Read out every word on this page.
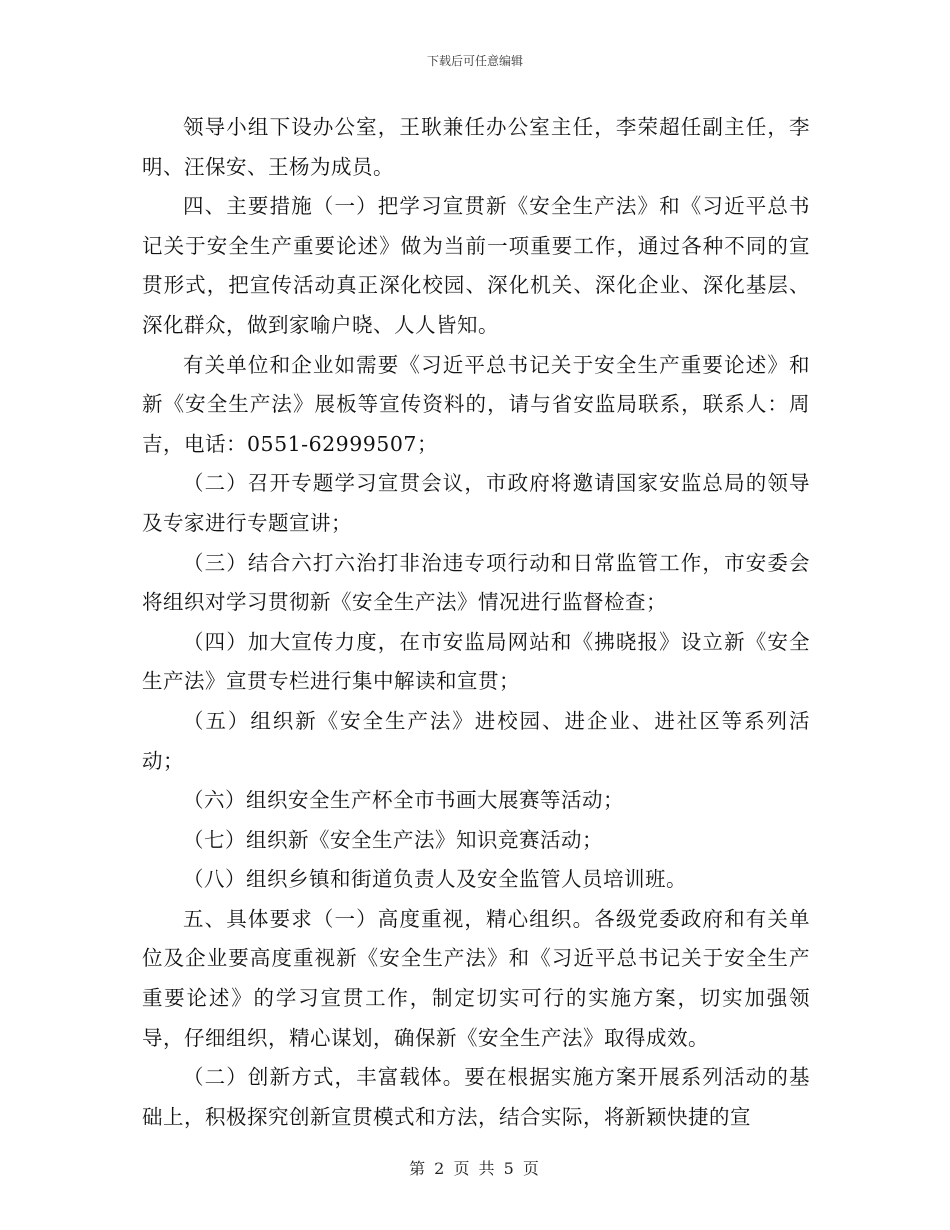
下载后可任意编辑

领导小组下设办公室，王耿兼任办公室主任，李荣超任副主任，李明、汪保安、王杨为成员。

四、主要措施（一）把学习宣贯新《安全生产法》和《习近平总书记关于安全生产重要论述》做为当前一项重要工作，通过各种不同的宣贯形式，把宣传活动真正深化校园、深化机关、深化企业、深化基层、深化群众，做到家喻户晓、人人皆知。

有关单位和企业如需要《习近平总书记关于安全生产重要论述》和新《安全生产法》展板等宣传资料的，请与省安监局联系，联系人：周吉，电话：0551-62999507；

（二）召开专题学习宣贯会议，市政府将邀请国家安监总局的领导及专家进行专题宣讲；

（三）结合六打六治打非治违专项行动和日常监管工作，市安委会将组织对学习贯彻新《安全生产法》情况进行监督检查；

（四）加大宣传力度，在市安监局网站和《拂晓报》设立新《安全生产法》宣贯专栏进行集中解读和宣贯；

（五）组织新《安全生产法》进校园、进企业、进社区等系列活动；

（六）组织安全生产杯全市书画大展赛等活动；

（七）组织新《安全生产法》知识竞赛活动；

（八）组织乡镇和街道负责人及安全监管人员培训班。

五、具体要求（一）高度重视，精心组织。各级党委政府和有关单位及企业要高度重视新《安全生产法》和《习近平总书记关于安全生产重要论述》的学习宣贯工作，制定切实可行的实施方案，切实加强领导，仔细组织，精心谋划，确保新《安全生产法》取得成效。

（二）创新方式，丰富载体。要在根据实施方案开展系列活动的基础上，积极探究创新宣贯模式和方法，结合实际，将新颖快捷的宣

第 2 页 共 5 页
